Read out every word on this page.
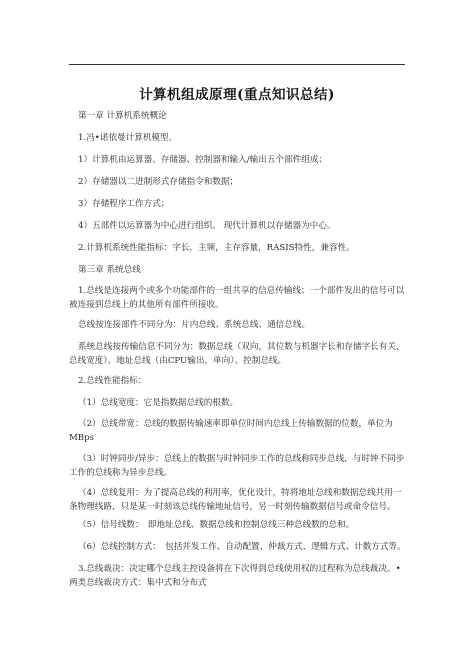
计算机组成原理(重点知识总结)
第一章 计算机系统概论
1.冯•诺依曼计算机模型。
1）计算机由运算器、存储器、控制器和输入/输出五个部件组成；
2）存储器以二进制形式存储指令和数据；
3）存储程序工作方式；
4）五部件以运算器为中心进行组织。 现代计算机以存储器为中心。
2.计算机系统性能指标：字长，主频，主存容量，RASIS特性，兼容性。
第三章 系统总线
1.总线是连接两个或多个功能部件的一组共享的信息传输线；一个部件发出的信号可以被连接到总线上的其他所有部件所接收。
总线按连接部件不同分为：片内总线、系统总线、通信总线。
系统总线按传输信息不同分为：数据总线（双向，其位数与机器字长和存储字长有关，总线宽度）、地址总线（由CPU输出，单向）、控制总线。
2.总线性能指标：
（1）总线宽度：它是指数据总线的根数。
（2）总线带宽：总线的数据传输速率即单位时间内总线上传输数据的位数，单位为MBps
（3）时钟同步/异步：总线上的数据与时钟同步工作的总线称同步总线，与时钟不同步工作的总线称为异步总线。
（4）总线复用：为了提高总线的利用率，优化设计，特将地址总线和数据总线共用一条物理线路，只是某一时刻该总线传输地址信号，另一时刻传输数据信号或命令信号。
（5）信号线数：　即地址总线、数据总线和控制总线三种总线数的总和。
（6）总线控制方式：　包括并发工作、自动配置、仲裁方式、逻辑方式、计数方式等。
3.总线裁决：决定哪个总线主控设备将在下次得到总线使用权的过程称为总线裁决。•两类总线裁决方式：集中式和分布式
